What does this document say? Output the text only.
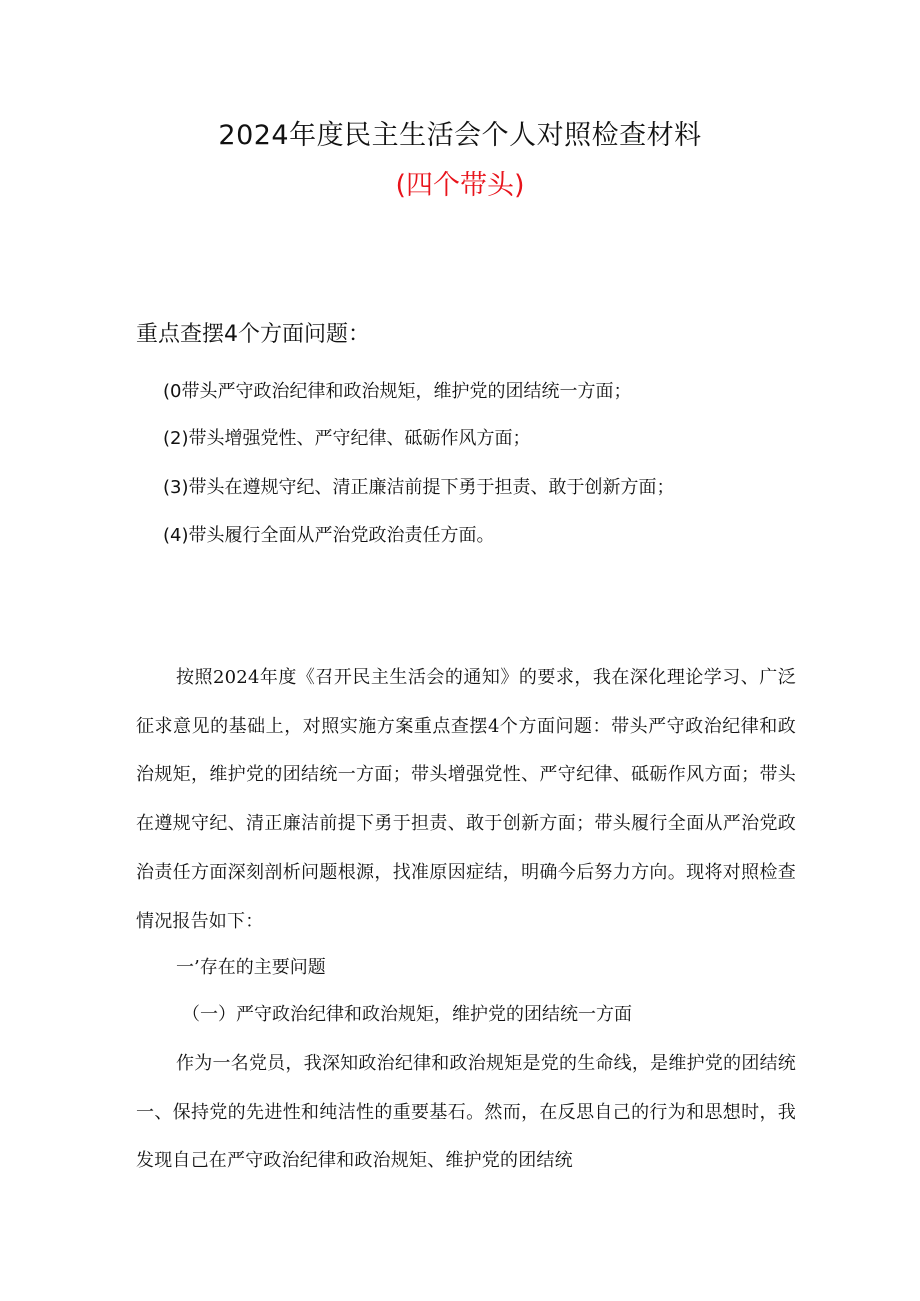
2024年度民主生活会个人对照检查材料
(四个带头)
重点查摆4个方面问题：
(0带头严守政治纪律和政治规矩，维护党的团结统一方面；
(2)带头增强党性、严守纪律、砥砺作风方面；
(3)带头在遵规守纪、清正廉洁前提下勇于担责、敢于创新方面；
(4)带头履行全面从严治党政治责任方面。
按照2024年度《召开民主生活会的通知》的要求，我在深化理论学习、广泛征求意见的基础上，对照实施方案重点查摆4个方面问题：带头严守政治纪律和政治规矩，维护党的团结统一方面；带头增强党性、严守纪律、砥砺作风方面；带头在遵规守纪、清正廉洁前提下勇于担责、敢于创新方面；带头履行全面从严治党政治责任方面深刻剖析问题根源，找准原因症结，明确今后努力方向。现将对照检查情况报告如下：
一’存在的主要问题
（一）严守政治纪律和政治规矩，维护党的团结统一方面
作为一名党员，我深知政治纪律和政治规矩是党的生命线，是维护党的团结统一、保持党的先进性和纯洁性的重要基石。然而，在反思自己的行为和思想时，我发现自己在严守政治纪律和政治规矩、维护党的团结统
